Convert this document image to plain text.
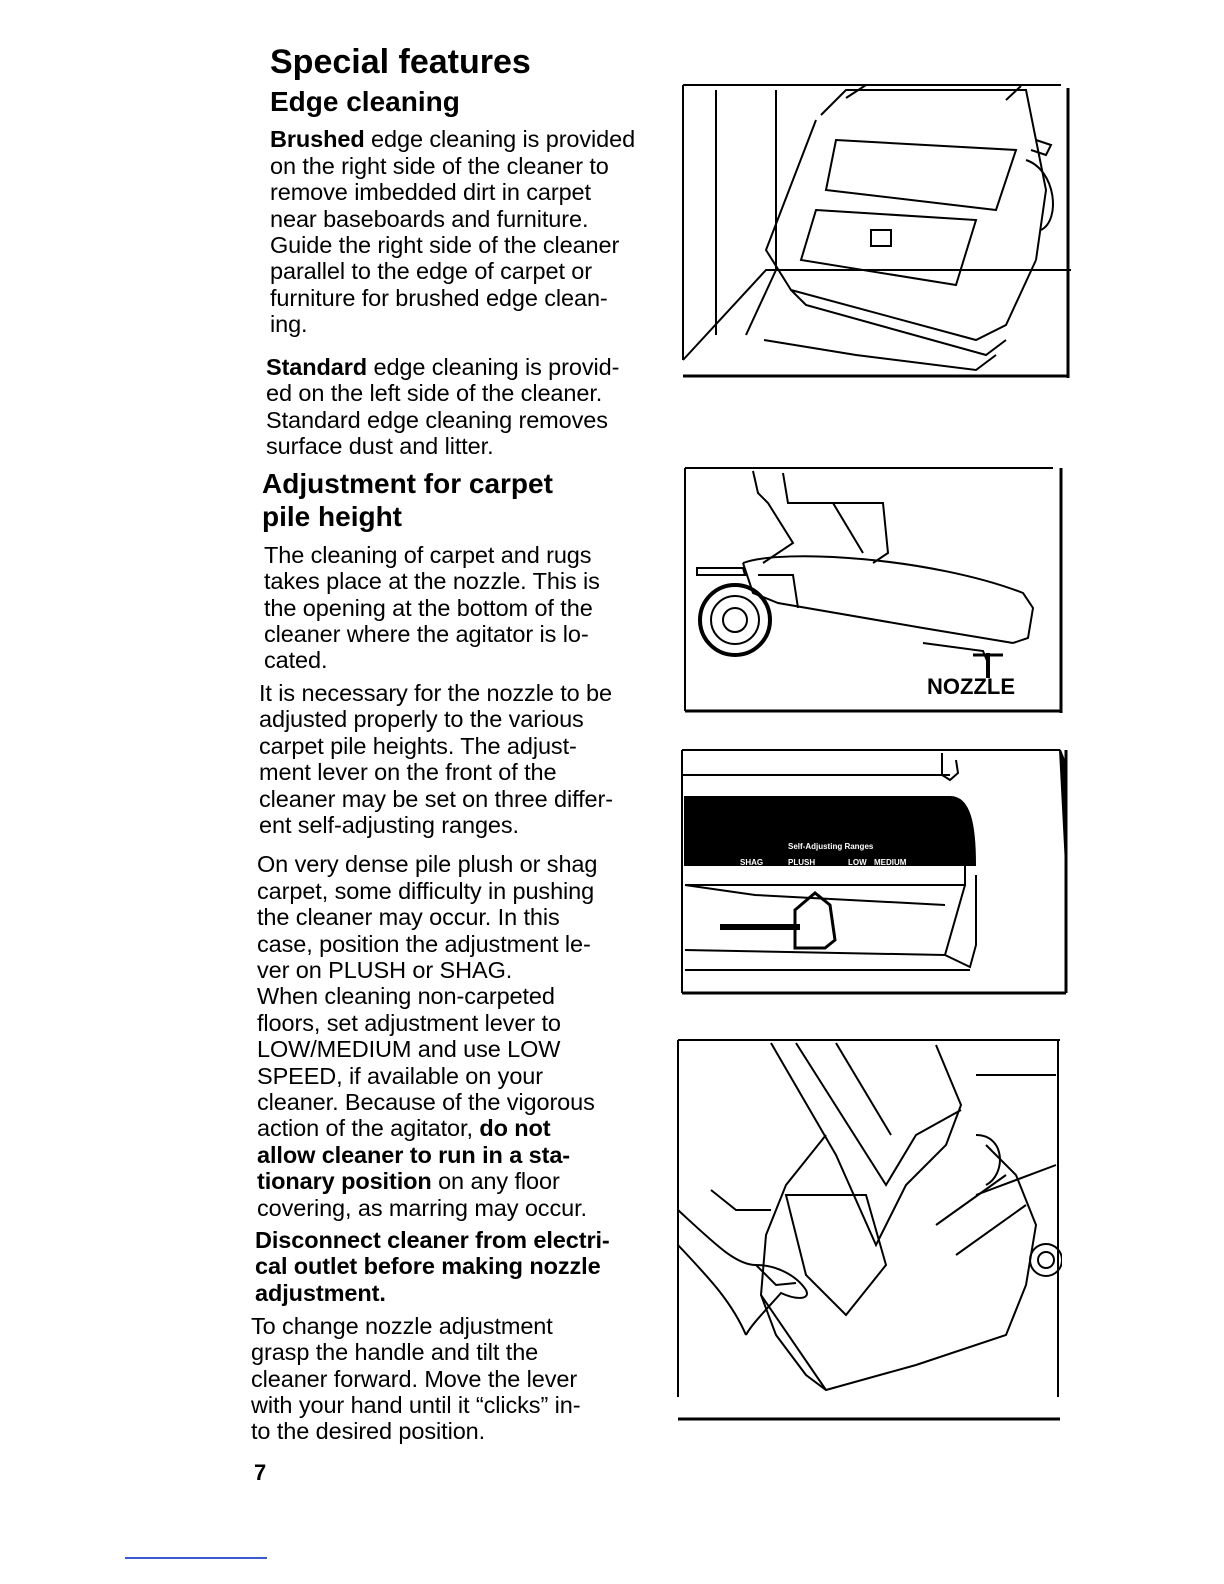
Special features
Edge cleaning
Brushed edge cleaning is provided
on the right side of the cleaner to
remove imbedded dirt in carpet
near baseboards and furniture.
Guide the right side of the cleaner
parallel to the edge of carpet or
furniture for brushed edge clean-
ing.
Standard edge cleaning is provid-
ed on the left side of the cleaner.
Standard edge cleaning removes
surface dust and litter.
Adjustment for carpet
pile height
The cleaning of carpet and rugs
takes place at the nozzle. This is
the opening at the bottom of the
cleaner where the agitator is lo-
cated.
It is necessary for the nozzle to be
adjusted properly to the various
carpet pile heights. The adjust-
ment lever on the front of the
cleaner may be set on three differ-
ent self-adjusting ranges.
On very dense pile plush or shag
carpet, some difficulty in pushing
the cleaner may occur. In this
case, position the adjustment le-
ver on PLUSH or SHAG.
When cleaning non-carpeted
floors, set adjustment lever to
LOW/MEDIUM and use LOW
SPEED, if available on your
cleaner. Because of the vigorous
action of the agitator, do not
allow cleaner to run in a sta-
tionary position on any floor
covering, as marring may occur.
Disconnect cleaner from electri-
cal outlet before making nozzle
adjustment.
To change nozzle adjustment
grasp the handle and tilt the
cleaner forward. Move the lever
with your hand until it “clicks” in-
to the desired position.
7
NOZZLE
Self-Adjusting Ranges
SHAG	PLUSH	LOW MEDIUM
